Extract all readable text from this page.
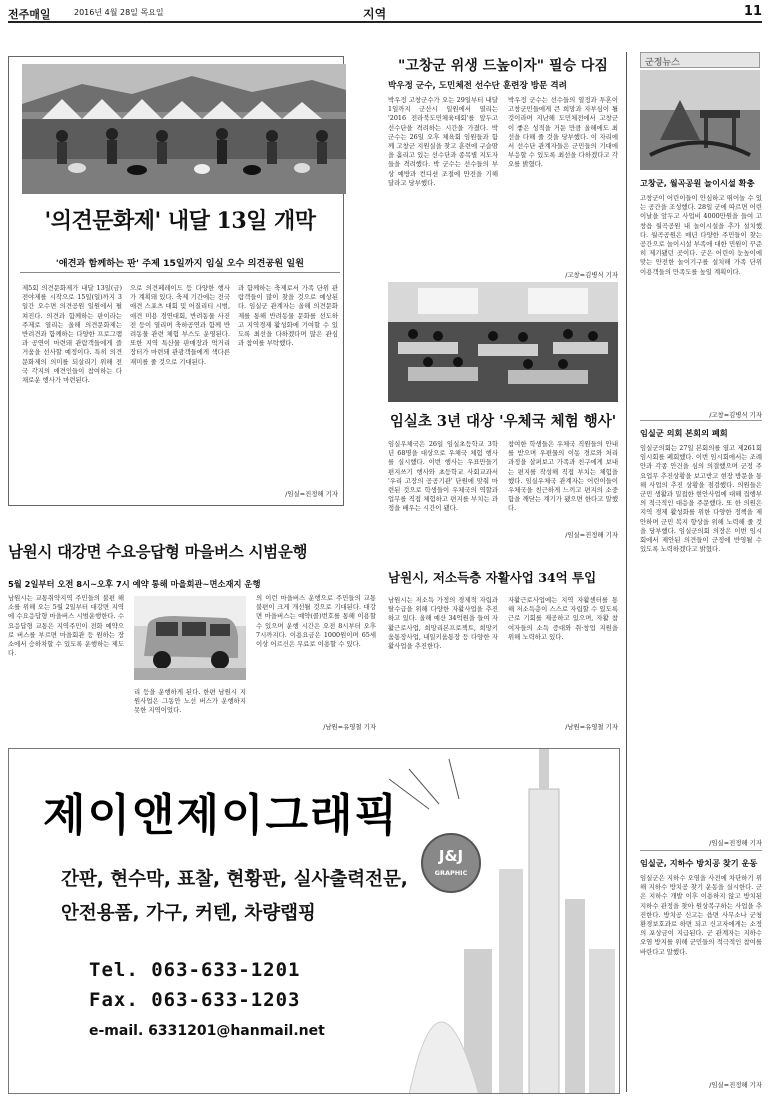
전주매일	2016년 4월 28일 목요일	지역	11
'의견문화제' 내달 13일 개막
'애견과 함께하는 판' 주제 15일까지 임실 오수 의견공원 일원
제5회 의견문화제가 내달 13일(금) 전야제를 시작으로 15일(일)까지 3일간 오수면 의견공원 일원에서 펼쳐진다. 의견과 함께하는 판이라는 주제로 열리는 올해 의견문화제는 반려견과 함께하는 다양한 프로그램과 공연이 마련돼 관람객들에게 즐거움을 선사할 예정이다. 특히 의견 문화제의 의미를 되살리기 위해 전국 각지의 애견인들이 참여하는 다채로운 행사가 마련된다.
으로 의견페레이드 등 다양한 행사가 계획돼 있다. 축제 기간에는 전국 애견 스포츠 대회 및 어질리티 시범, 애견 미용 경연대회, 반려동물 사진전 등이 열리며 축하공연과 함께 반려동물 관련 체험 부스도 운영된다. 또한 지역 특산물 판매장과 먹거리 장터가 마련돼 관광객들에게 색다른 재미를 줄 것으로 기대된다.
과 함께하는 축제로서 가족 단위 관람객들이 많이 찾을 것으로 예상된다. 임실군 관계자는 올해 의견문화제를 통해 반려동물 문화를 선도하고 지역경제 활성화에 기여할 수 있도록 최선을 다하겠다며 많은 관심과 참여를 부탁했다.
/임실=진정해 기자
"고창군 위생 드높이자" 필승 다짐
박우정 군수, 도민체전 선수단 훈련장 방문 격려
박우정 고창군수가 오는 29일부터 내달 1일까지 군산시 일원에서 열리는 '2016 전라북도민체육대회'를 앞두고 선수단을 격려하는 시간을 가졌다. 박 군수는 26일 오후 체육회 임원들과 함께 고창군 지원실을 찾고 훈련에 구슬땀을 흘리고 있는 선수단과 종목별 지도자들을 격려했다. 박 군수는 선수들의 부상 예방과 컨디션 조절에 만전을 기해 달라고 당부했다.
박우정 군수는 선수들의 열정과 투혼이 고창군민들에게 큰 희망과 자부심이 될 것이라며 지난해 도민체전에서 고창군이 좋은 성적을 거둔 만큼 올해에도 최선을 다해 줄 것을 당부했다. 이 자리에서 선수단 관계자들은 군민들의 기대에 부응할 수 있도록 최선을 다하겠다고 각오를 밝혔다.
/고창=김병식 기자
임실초 3년 대상 '우체국 체험 행사'
임실우체국은 26일 임실초등학교 3학년 68명을 대상으로 우체국 체험 행사를 실시했다. 이번 행사는 우표만들기 편지쓰기 행사와 초등학교 사회교과서 '우리 고장의 공공기관' 단원에 맞춰 마련된 것으로 학생들이 우체국의 역할과 업무를 직접 체험하고 편지를 부치는 과정을 배우는 시간이 됐다.
참여한 학생들은 우체국 직원들의 안내를 받으며 우편물의 이동 경로와 처리 과정을 살펴보고 가족과 친구에게 보내는 편지를 작성해 직접 부치는 체험을 했다. 임실우체국 관계자는 어린이들이 우체국을 친근하게 느끼고 편지의 소중함을 깨닫는 계기가 됐으면 한다고 말했다.
/임실=진정해 기자
남원시 대강면 수요응답형 마을버스 시범운행
5월 2일부터 오전 8시~오후 7시 예약 통해 마을회관~면소재지 운행
남원시는 교통취약지역 주민들의 불편 해소를 위해 오는 5월 2일부터 대강면 지역에 수요응답형 마을버스 시범운행한다. 수요응답형 교통은 지역주민이 전화 예약으로 버스를 부르면 마을회관 등 원하는 장소에서 승하차할 수 있도록 운행하는 제도다.
리 등을 운행하게 된다. 한편 남원시 지원사업은 그동안 노선 버스가 운행하지 못한 지역이었다.
의 이런 마을버스 운행으로 주민들의 교통 불편이 크게 개선될 것으로 기대된다. 대강면 마을버스는 예약(콜)번호를 통해 이용할 수 있으며 운행 시간은 오전 8시부터 오후 7시까지다. 이용요금은 1000원이며 65세 이상 어르신은 무료로 이용할 수 있다.
/남원=유영철 기자
남원시, 저소득층 자활사업 34억 투입
남원시는 저소득 가정의 경제적 자립과 탈수급을 위해 다양한 자활사업을 추진하고 있다. 올해 예산 34억원을 들여 자활근로사업, 희망리본프로젝트, 희망키움통장사업, 내일키움통장 등 다양한 자활사업을 추진한다.
자활근로사업에는 지역 자활센터를 통해 저소득층이 스스로 자립할 수 있도록 근로 기회를 제공하고 있으며, 자활 참여자들의 소득 증대와 취·창업 지원을 위해 노력하고 있다.
/남원=유영철 기자
군정뉴스
고창군, 월곡공원 놀이시설 확충
고창군이 어린이들이 안심하고 뛰어놀 수 있는 공간을 조성했다. 28일 군에 따르면 어린이날을 앞두고 사업비 4000만원을 들여 고창읍 월곡공원 내 놀이시설을 추가 설치했다. 월곡공원은 매년 다양한 주민들이 찾는 공간으로 놀이시설 부족에 대한 민원이 꾸준히 제기됐던 곳이다. 군은 어린이 눈높이에 맞는 안전한 놀이기구를 설치해 가족 단위 이용객들의 만족도를 높일 계획이다.
/고창=김병식 기자
임실군 의회 본회의 폐회
임실군의회는 27일 본회의를 열고 제261회 임시회를 폐회했다. 이번 임시회에서는 조례안과 각종 안건을 심의 의결했으며 군정 주요업무 추진상황을 보고받고 현장 방문을 통해 사업의 추진 상황을 점검했다. 의원들은 군민 생활과 밀접한 현안사업에 대해 집행부의 적극적인 대응을 주문했다. 또 한 의원은 지역 경제 활성화를 위한 다양한 정책을 제안하며 군민 복지 향상을 위해 노력해 줄 것을 당부했다. 임실군의회 의장은 이번 임시회에서 제안된 의견들이 군정에 반영될 수 있도록 노력하겠다고 밝혔다.
/임실=진정해 기자
임실군, 지하수 방치공 찾기 운동
임실군은 지하수 오염을 사전에 차단하기 위해 지하수 방치공 찾기 운동을 실시한다. 군은 지하수 개발 이후 이용하지 않고 방치된 지하수 관정을 찾아 원상복구하는 사업을 추진한다. 방치공 신고는 읍면 사무소나 군청 환경보호과로 하면 되고 신고자에게는 소정의 포상금이 지급된다. 군 관계자는 지하수 오염 방지를 위해 군민들의 적극적인 참여를 바란다고 말했다.
/임실=진정해 기자
제이앤제이그래픽
J&J
GRAPHIC
간판, 현수막, 표찰, 현황판, 실사출력전문,
안전용품, 가구, 커텐, 차량랩핑
Tel. 063-633-1201
Fax. 063-633-1203
e-mail. 6331201@hanmail.net
